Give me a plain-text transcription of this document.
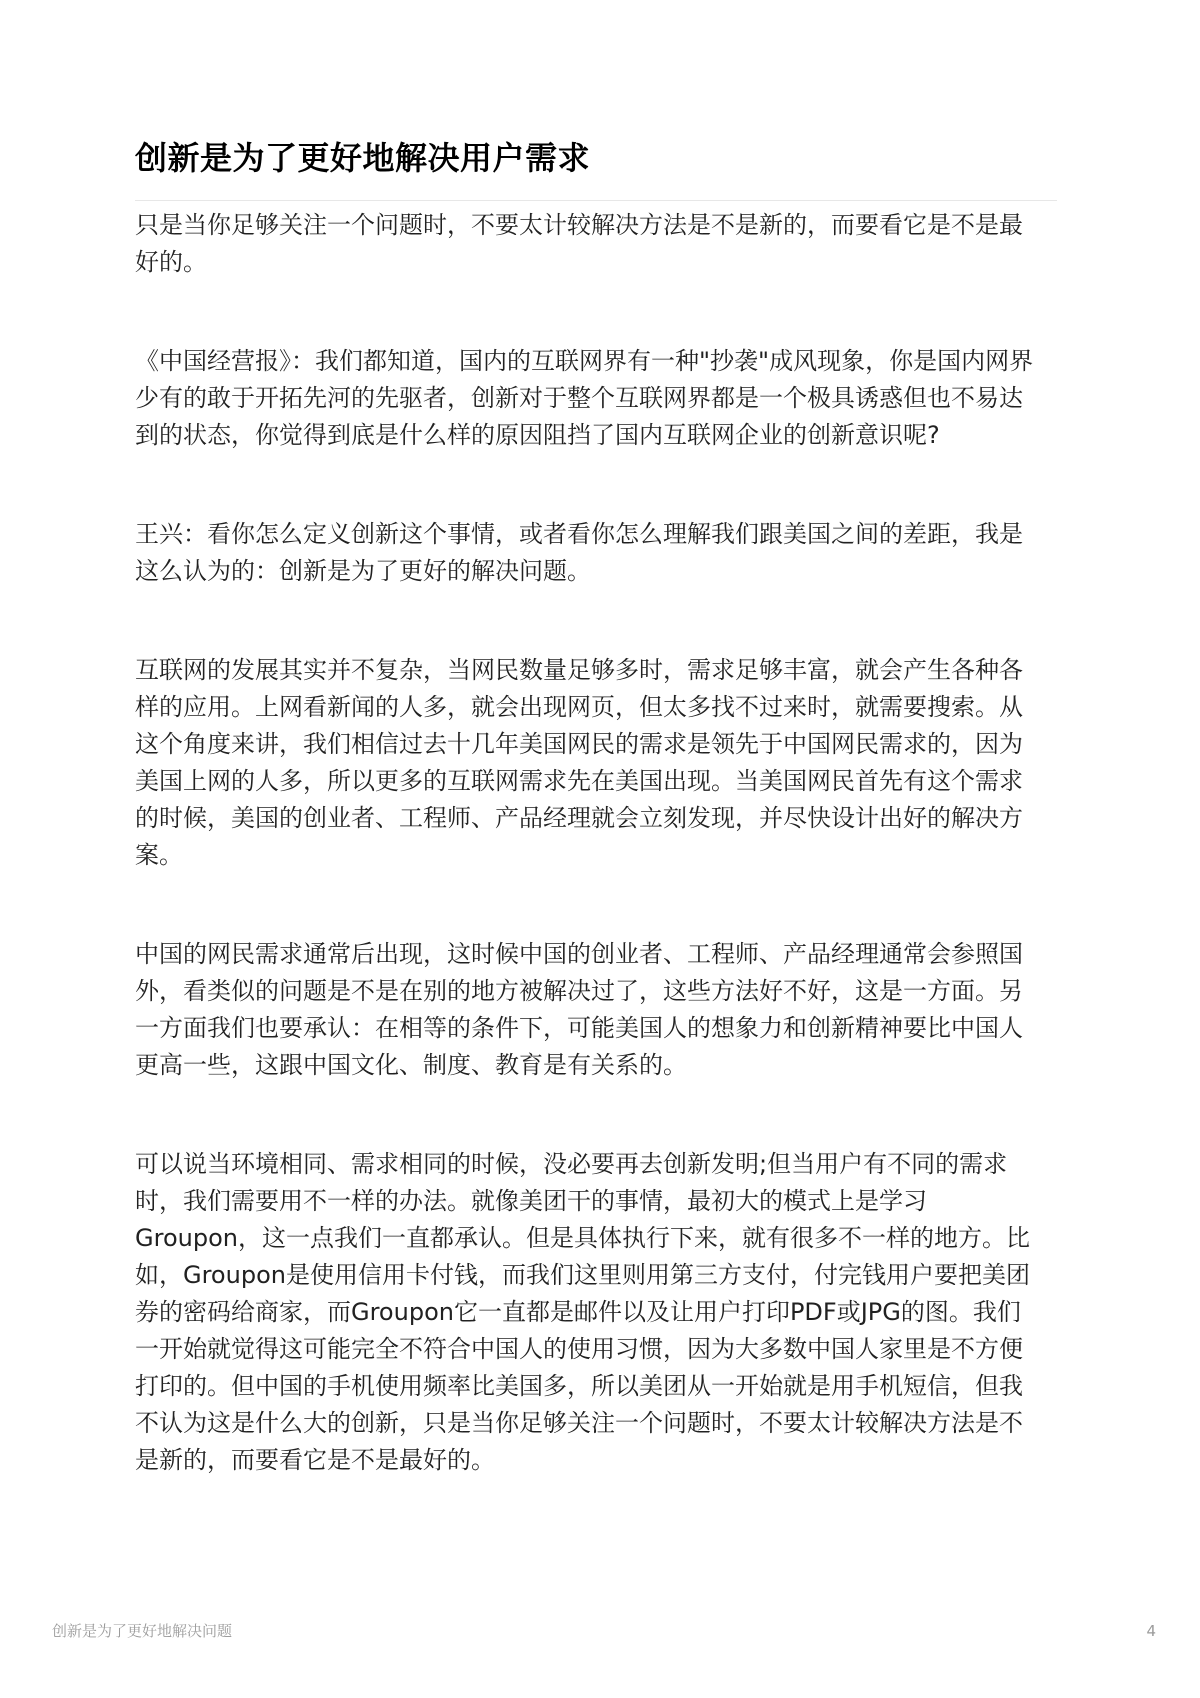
创新是为了更好地解决用户需求

只是当你足够关注一个问题时，不要太计较解决方法是不是新的，而要看它是不是最好的。

《中国经营报》：我们都知道，国内的互联网界有一种"抄袭"成风现象，你是国内网界少有的敢于开拓先河的先驱者，创新对于整个互联网界都是一个极具诱惑但也不易达到的状态，你觉得到底是什么样的原因阻挡了国内互联网企业的创新意识呢?

王兴：看你怎么定义创新这个事情，或者看你怎么理解我们跟美国之间的差距，我是这么认为的：创新是为了更好的解决问题。

互联网的发展其实并不复杂，当网民数量足够多时，需求足够丰富，就会产生各种各样的应用。上网看新闻的人多，就会出现网页，但太多找不过来时，就需要搜索。从这个角度来讲，我们相信过去十几年美国网民的需求是领先于中国网民需求的，因为美国上网的人多，所以更多的互联网需求先在美国出现。当美国网民首先有这个需求的时候，美国的创业者、工程师、产品经理就会立刻发现，并尽快设计出好的解决方案。

中国的网民需求通常后出现，这时候中国的创业者、工程师、产品经理通常会参照国外，看类似的问题是不是在别的地方被解决过了，这些方法好不好，这是一方面。另一方面我们也要承认：在相等的条件下，可能美国人的想象力和创新精神要比中国人更高一些，这跟中国文化、制度、教育是有关系的。

可以说当环境相同、需求相同的时候，没必要再去创新发明;但当用户有不同的需求时，我们需要用不一样的办法。就像美团干的事情，最初大的模式上是学习Groupon，这一点我们一直都承认。但是具体执行下来，就有很多不一样的地方。比如，Groupon是使用信用卡付钱，而我们这里则用第三方支付，付完钱用户要把美团券的密码给商家，而Groupon它一直都是邮件以及让用户打印PDF或JPG的图。我们一开始就觉得这可能完全不符合中国人的使用习惯，因为大多数中国人家里是不方便打印的。但中国的手机使用频率比美国多，所以美团从一开始就是用手机短信，但我不认为这是什么大的创新，只是当你足够关注一个问题时，不要太计较解决方法是不是新的，而要看它是不是最好的。

创新是为了更好地解决问题	4
